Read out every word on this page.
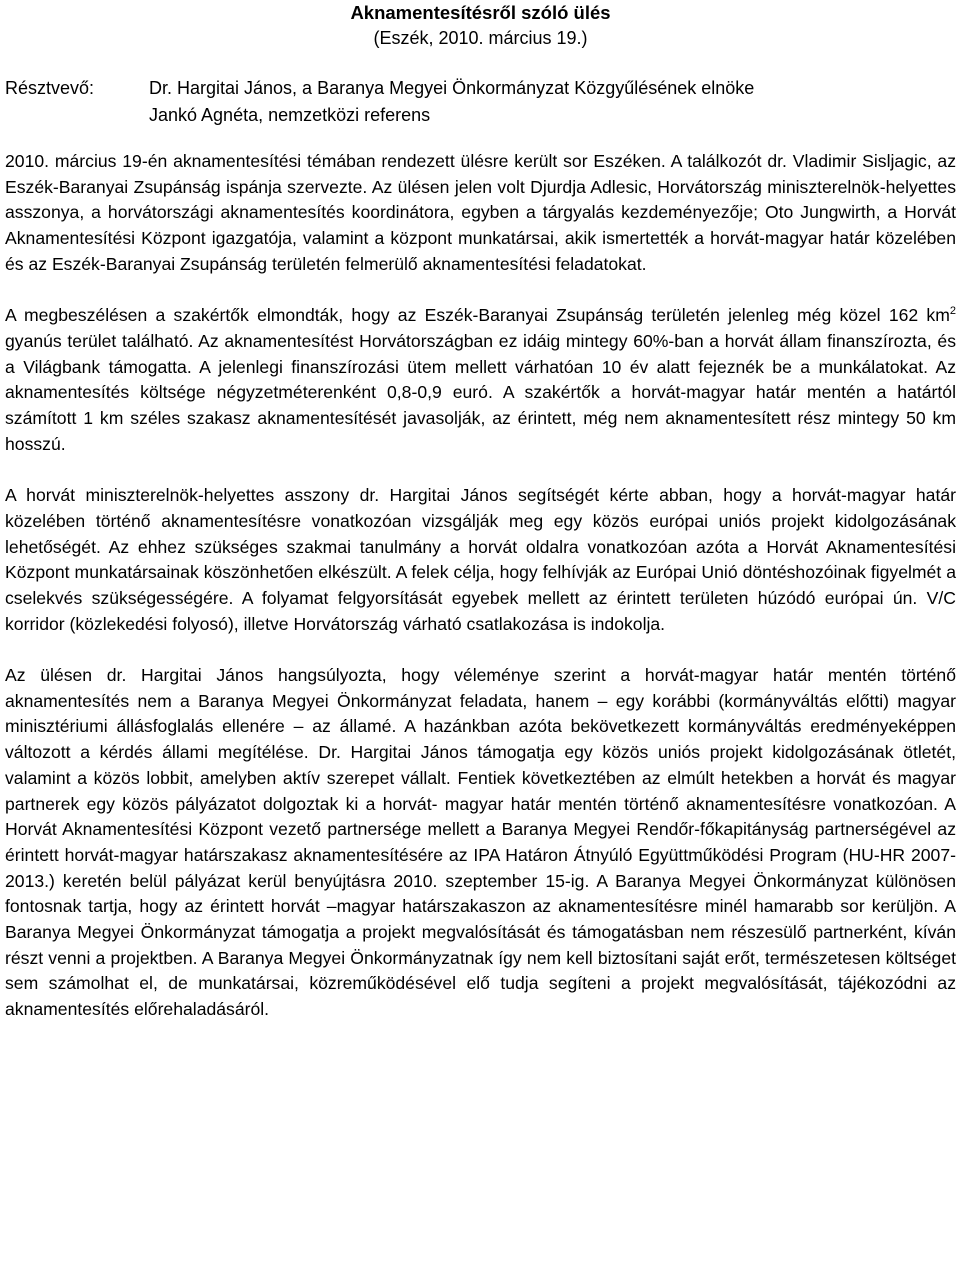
Aknamentesítésről szóló ülés
(Eszék, 2010. március 19.)
Résztvevő:	Dr. Hargitai János, a Baranya Megyei Önkormányzat Közgyűlésének elnöke
Jankó Agnéta, nemzetközi referens

2010. március 19-én aknamentesítési témában rendezett ülésre került sor Eszéken. A találkozót dr. Vladimir Sisljagic, az Eszék-Baranyai Zsupánság ispánja szervezte. Az ülésen jelen volt Djurdja Adlesic, Horvátország miniszterelnök-helyettes asszonya, a horvátországi aknamentesítés koordinátora, egyben a tárgyalás kezdeményezője; Oto Jungwirth, a Horvát Aknamentesítési Központ igazgatója, valamint a központ munkatársai, akik ismertették a horvát-magyar határ közelében és az Eszék-Baranyai Zsupánság területén felmerülő aknamentesítési feladatokat.

A megbeszélésen a szakértők elmondták, hogy az Eszék-Baranyai Zsupánság területén jelenleg még közel 162 $km^2$ gyanús terület található. Az aknamentesítést Horvátországban ez idáig mintegy 60%-ban a horvát állam finanszírozta, és a Világbank támogatta. A jelenlegi finanszírozási ütem mellett várhatóan 10 év alatt fejeznék be a munkálatokat. Az aknamentesítés költsége négyzetméterenként 0,8-0,9 euró. A szakértők a horvát-magyar határ mentén a határtól számított 1 km széles szakasz aknamentesítését javasolják, az érintett, még nem aknamentesített rész mintegy 50 km hosszú.

A horvát miniszterelnök-helyettes asszony dr. Hargitai János segítségét kérte abban, hogy a horvát-magyar határ közelében történő aknamentesítésre vonatkozóan vizsgálják meg egy közös európai uniós projekt kidolgozásának lehetőségét. Az ehhez szükséges szakmai tanulmány a horvát oldalra vonatkozóan azóta a Horvát Aknamentesítési Központ munkatársainak köszönhetően elkészült. A felek célja, hogy felhívják az Európai Unió döntéshozóinak figyelmét a cselekvés szükségességére. A folyamat felgyorsítását egyebek mellett az érintett területen húzódó európai ún. V/C korridor (közlekedési folyosó), illetve Horvátország várható csatlakozása is indokolja.

Az ülésen dr. Hargitai János hangsúlyozta, hogy véleménye szerint a horvát-magyar határ mentén történő aknamentesítés nem a Baranya Megyei Önkormányzat feladata, hanem – egy korábbi (kormányváltás előtti) magyar minisztériumi állásfoglalás ellenére – az államé. A hazánkban azóta bekövetkezett kormányváltás eredményeképpen változott a kérdés állami megítélése. Dr. Hargitai János támogatja egy közös uniós projekt kidolgozásának ötletét, valamint a közös lobbit, amelyben aktív szerepet vállalt. Fentiek következtében az elmúlt hetekben a horvát és magyar partnerek egy közös pályázatot dolgoztak ki a horvát- magyar határ mentén történő aknamentesítésre vonatkozóan. A Horvát Aknamentesítési Központ vezető partnersége mellett a Baranya Megyei Rendőr-főkapitányság partnerségével az érintett horvát-magyar határszakasz aknamentesítésére az IPA Határon Átnyúló Együttműködési Program (HU-HR 2007-2013.) keretén belül pályázat kerül benyújtásra 2010. szeptember 15-ig. A Baranya Megyei Önkormányzat különösen fontosnak tartja, hogy az érintett horvát –magyar határszakaszon az aknamentesítésre minél hamarabb sor kerüljön. A Baranya Megyei Önkormányzat támogatja a projekt megvalósítását és támogatásban nem részesülő partnerként, kíván részt venni a projektben. A Baranya Megyei Önkormányzatnak így nem kell biztosítani saját erőt, természetesen költséget sem számolhat el, de munkatársai, közreműködésével elő tudja segíteni a projekt megvalósítását, tájékozódni az aknamentesítés előrehaladásáról.
